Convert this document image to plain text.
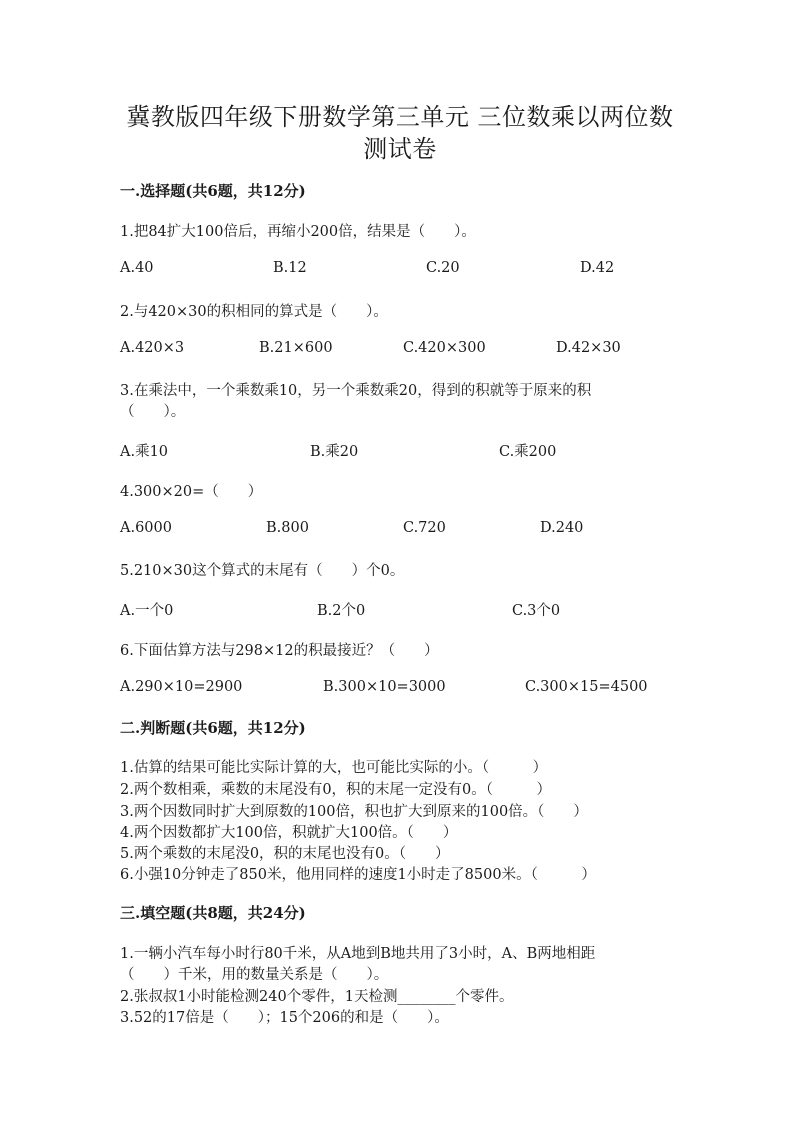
冀教版四年级下册数学第三单元 三位数乘以两位数
测试卷
一.选择题(共6题，共12分)
1.把84扩大100倍后，再缩小200倍，结果是（　　）。
A.40	B.12	C.20	D.42
2.与420×30的积相同的算式是（　　）。
A.420×3	B.21×600	C.420×300	D.42×30
3.在乘法中，一个乘数乘10，另一个乘数乘20，得到的积就等于原来的积
（　　）。
A.乘10	B.乘20	C.乘200
4.300×20=（　　）
A.6000	B.800	C.720	D.240
5.210×30这个算式的末尾有（　　）个0。
A.一个0	B.2个0	C.3个0
6.下面估算方法与298×12的积最接近？（　　）
A.290×10=2900	B.300×10=3000	C.300×15=4500
二.判断题(共6题，共12分)
1.估算的结果可能比实际计算的大，也可能比实际的小。（　　　）
2.两个数相乘，乘数的末尾没有0，积的末尾一定没有0。（　　　）
3.两个因数同时扩大到原数的100倍，积也扩大到原来的100倍。（　　）
4.两个因数都扩大100倍，积就扩大100倍。（　　）
5.两个乘数的末尾没0，积的末尾也没有0。（　　）
6.小强10分钟走了850米，他用同样的速度1小时走了8500米。（　　　）
三.填空题(共8题，共24分)
1.一辆小汽车每小时行80千米，从A地到B地共用了3小时，A、B两地相距
（　　）千米，用的数量关系是（　　）。
2.张叔叔1小时能检测240个零件，1天检测________个零件。
3.52的17倍是（　　）；15个206的和是（　　）。
